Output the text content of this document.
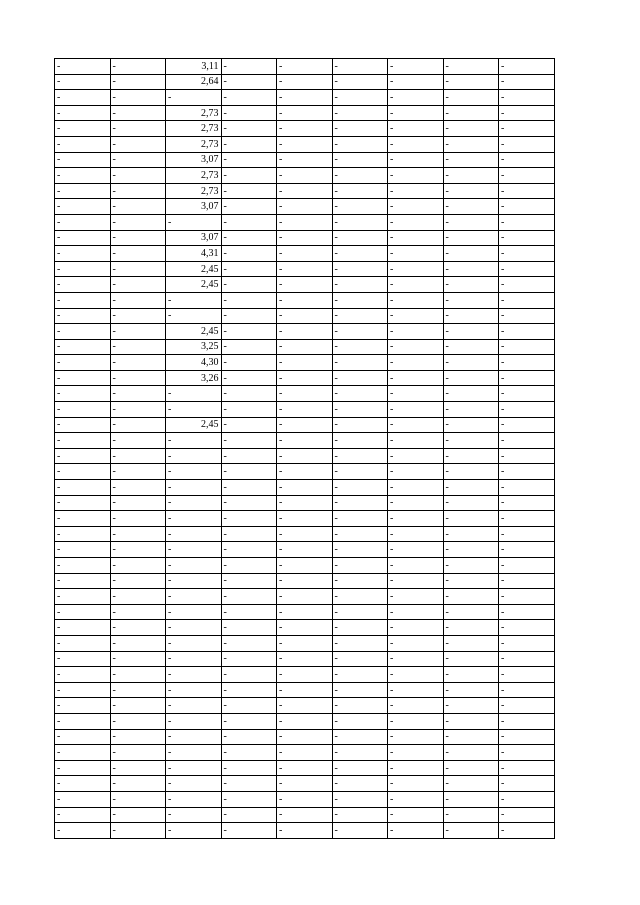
-	-	3,11	-	-	-	-	-	-
-	-	2,64	-	-	-	-	-	-
-	-	-	-	-	-	-	-	-
-	-	2,73	-	-	-	-	-	-
-	-	2,73	-	-	-	-	-	-
-	-	2,73	-	-	-	-	-	-
-	-	3,07	-	-	-	-	-	-
-	-	2,73	-	-	-	-	-	-
-	-	2,73	-	-	-	-	-	-
-	-	3,07	-	-	-	-	-	-
-	-	-	-	-	-	-	-	-
-	-	3,07	-	-	-	-	-	-
-	-	4,31	-	-	-	-	-	-
-	-	2,45	-	-	-	-	-	-
-	-	2,45	-	-	-	-	-	-
-	-	-	-	-	-	-	-	-
-	-	-	-	-	-	-	-	-
-	-	2,45	-	-	-	-	-	-
-	-	3,25	-	-	-	-	-	-
-	-	4,30	-	-	-	-	-	-
-	-	3,26	-	-	-	-	-	-
-	-	-	-	-	-	-	-	-
-	-	-	-	-	-	-	-	-
-	-	2,45	-	-	-	-	-	-
-	-	-	-	-	-	-	-	-
-	-	-	-	-	-	-	-	-
-	-	-	-	-	-	-	-	-
-	-	-	-	-	-	-	-	-
-	-	-	-	-	-	-	-	-
-	-	-	-	-	-	-	-	-
-	-	-	-	-	-	-	-	-
-	-	-	-	-	-	-	-	-
-	-	-	-	-	-	-	-	-
-	-	-	-	-	-	-	-	-
-	-	-	-	-	-	-	-	-
-	-	-	-	-	-	-	-	-
-	-	-	-	-	-	-	-	-
-	-	-	-	-	-	-	-	-
-	-	-	-	-	-	-	-	-
-	-	-	-	-	-	-	-	-
-	-	-	-	-	-	-	-	-
-	-	-	-	-	-	-	-	-
-	-	-	-	-	-	-	-	-
-	-	-	-	-	-	-	-	-
-	-	-	-	-	-	-	-	-
-	-	-	-	-	-	-	-	-
-	-	-	-	-	-	-	-	-
-	-	-	-	-	-	-	-	-
-	-	-	-	-	-	-	-	-
-	-	-	-	-	-	-	-	-
